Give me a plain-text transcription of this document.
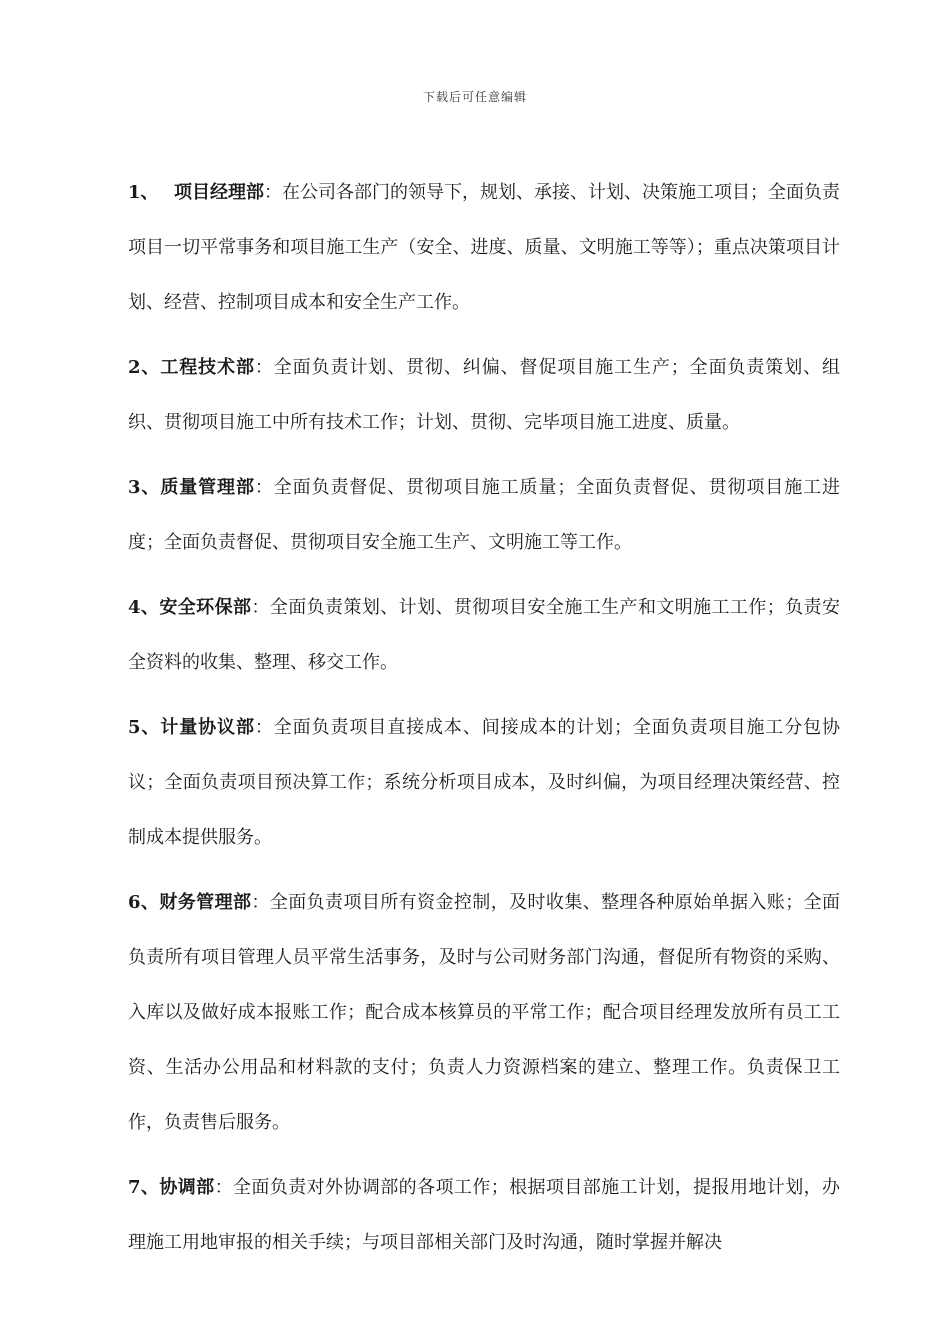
下载后可任意编辑

1、 项目经理部：在公司各部门的领导下，规划、承接、计划、决策施工项目；全面负责项目一切平常事务和项目施工生产（安全、进度、质量、文明施工等等）；重点决策项目计划、经营、控制项目成本和安全生产工作。

2、工程技术部：全面负责计划、贯彻、纠偏、督促项目施工生产；全面负责策划、组织、贯彻项目施工中所有技术工作；计划、贯彻、完毕项目施工进度、质量。

3、质量管理部：全面负责督促、贯彻项目施工质量；全面负责督促、贯彻项目施工进度；全面负责督促、贯彻项目安全施工生产、文明施工等工作。

4、安全环保部：全面负责策划、计划、贯彻项目安全施工生产和文明施工工作；负责安全资料的收集、整理、移交工作。

5、计量协议部：全面负责项目直接成本、间接成本的计划；全面负责项目施工分包协议；全面负责项目预决算工作；系统分析项目成本，及时纠偏，为项目经理决策经营、控制成本提供服务。

6、财务管理部：全面负责项目所有资金控制，及时收集、整理各种原始单据入账；全面负责所有项目管理人员平常生活事务，及时与公司财务部门沟通，督促所有物资的采购、入库以及做好成本报账工作；配合成本核算员的平常工作；配合项目经理发放所有员工工资、生活办公用品和材料款的支付；负责人力资源档案的建立、整理工作。负责保卫工作，负责售后服务。

7、协调部：全面负责对外协调部的各项工作；根据项目部施工计划，提报用地计划，办理施工用地审报的相关手续；与项目部相关部门及时沟通，随时掌握并解决
